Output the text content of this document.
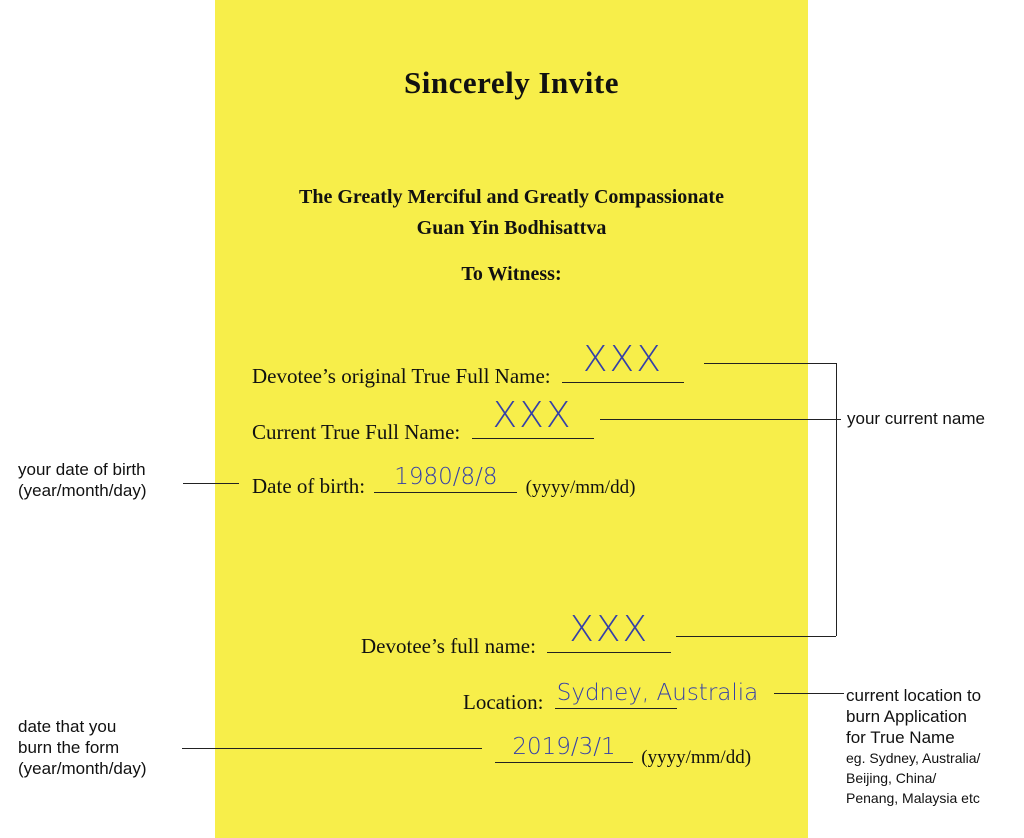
Sincerely Invite
The Greatly Merciful and Greatly Compassionate
Guan Yin Bodhisattva
To Witness:
Devotee’s original True Full Name: XXX
Current True Full Name: XXX
Date of birth:	1980/8/8	(yyyy/mm/dd)
Devotee’s full name: XXX
Location: Sydney, Australia
2019/3/1	(yyyy/mm/dd)
your current name
your date of birth
(year/month/day)
date that you
burn the form
(year/month/day)
current location to
burn Application
for True Name
eg. Sydney, Australia/
Beijing, China/
Penang, Malaysia etc
